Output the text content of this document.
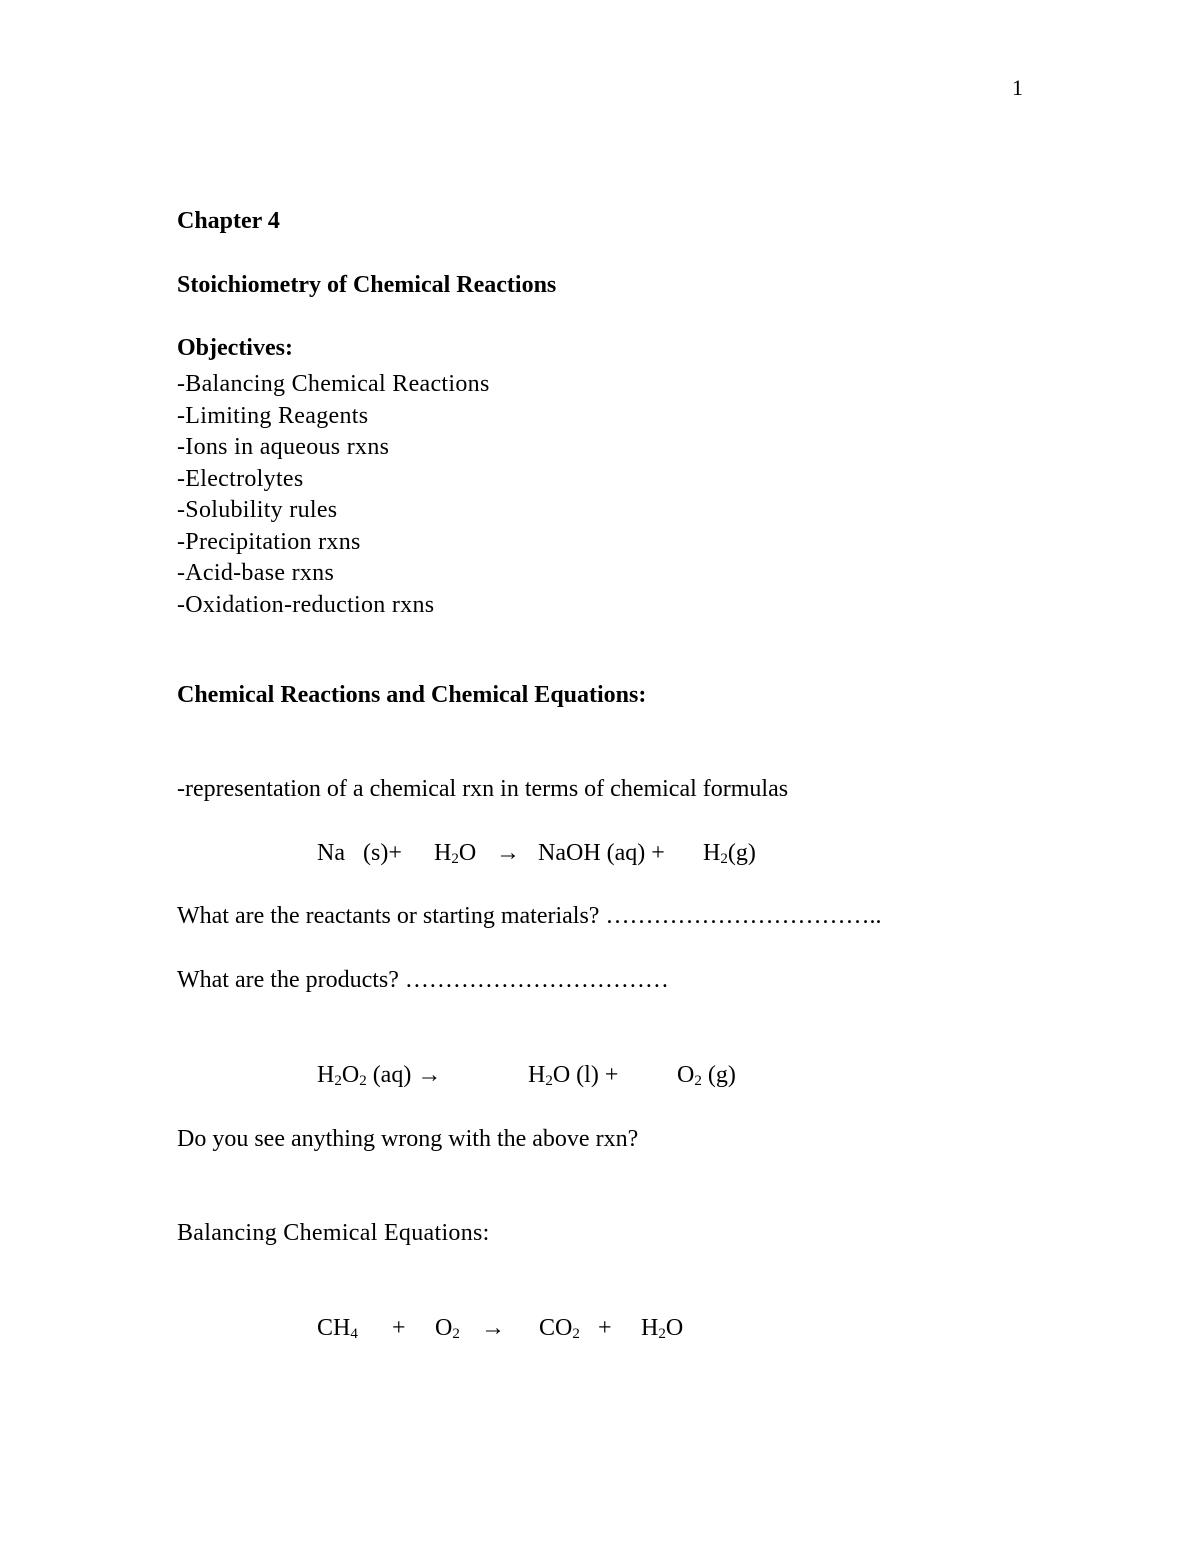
1
Chapter 4
Stoichiometry of Chemical Reactions
Objectives:
-Balancing Chemical Reactions
-Limiting Reagents
-Ions in aqueous rxns
-Electrolytes
-Solubility rules
-Precipitation rxns
-Acid-base rxns
-Oxidation-reduction rxns
Chemical Reactions and Chemical Equations:
-representation of a chemical rxn in terms of chemical formulas
Na $(s)+ H_2O$ → NaOH $(aq) + H_2(g)$
What are the reactants or starting materials? ……………………………..
What are the products? ……………………………
$H_2O_2$ (aq) →	$H_2O$ $(l) + O_2$ (g)
Do you see anything wrong with the above rxn?
Balancing Chemical Equations:
$CH_4 + O_2 \to CO_2 + H_2O$
